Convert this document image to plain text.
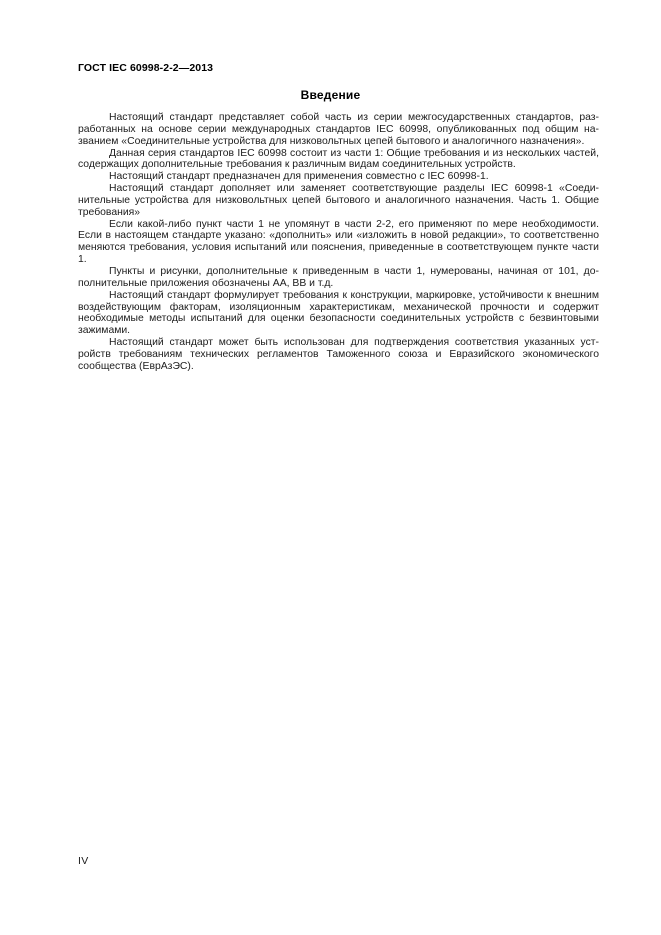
ГОСТ IEC 60998-2-2—2013
Введение

Настоящий стандарт представляет собой часть из серии межгосударственных стандартов, разработанных на основе серии международных стандартов IEC 60998, опубликованных под общим названием «Соединительные устройства для низковольтных цепей бытового и аналогичного назначения».

Данная серия стандартов IEC 60998 состоит из части 1: Общие требования и из нескольких частей, содержащих дополнительные требования к различным видам соединительных устройств.

Настоящий стандарт предназначен для применения совместно с IEC 60998-1.

Настоящий стандарт дополняет или заменяет соответствующие разделы IEC 60998-1 «Соединительные устройства для низковольтных цепей бытового и аналогичного назначения. Часть 1. Общие требования»

Если какой-либо пункт части 1 не упомянут в части 2-2, его применяют по мере необходимости. Если в настоящем стандарте указано: «дополнить» или «изложить в новой редакции», то соответственно меняются требования, условия испытаний или пояснения, приведенные в соответствующем пункте части 1.

Пункты и рисунки, дополнительные к приведенным в части 1, нумерованы, начиная от 101, дополнительные приложения обозначены АА, ВВ и т.д.

Настоящий стандарт формулирует требования к конструкции, маркировке, устойчивости к внешним воздействующим факторам, изоляционным характеристикам, механической прочности и содержит необходимые методы испытаний для оценки безопасности соединительных устройств с безвинтовыми зажимами.

Настоящий стандарт может быть использован для подтверждения соответствия указанных устройств требованиям технических регламентов Таможенного союза и Евразийского экономического сообщества (ЕврАзЭС).

IV
